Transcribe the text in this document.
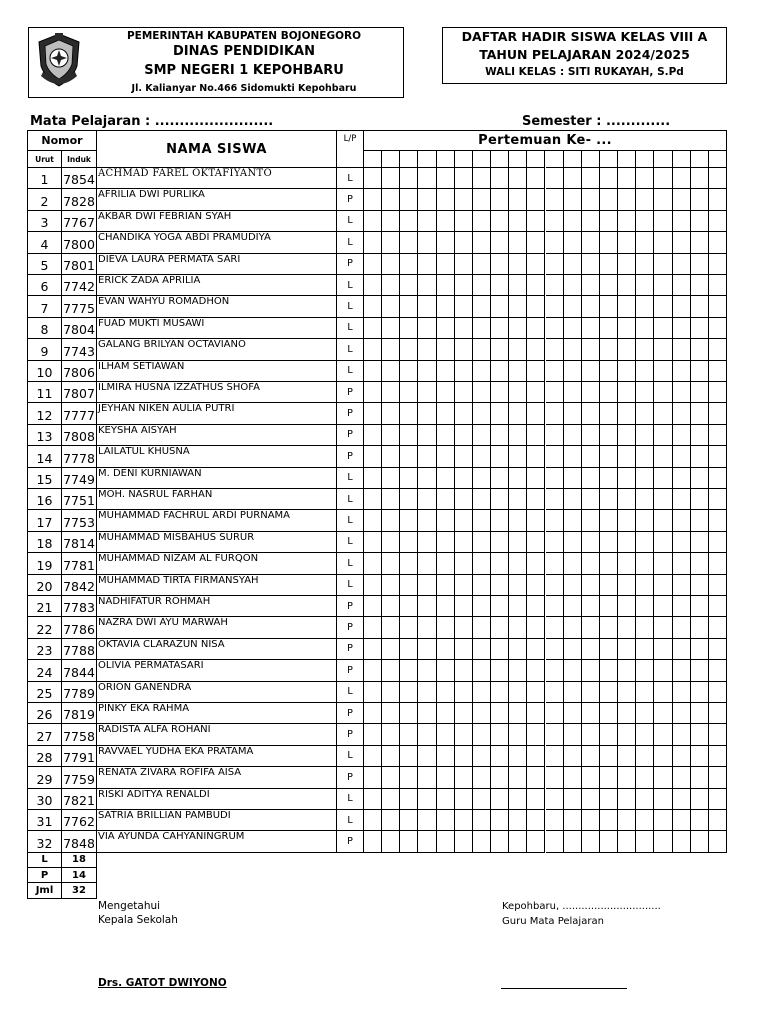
PEMERINTAH KABUPATEN BOJONEGORO
DINAS PENDIDIKAN
SMP NEGERI 1 KEPOHBARU
Jl. Kalianyar No.466 Sidomukti Kepohbaru
DAFTAR HADIR SISWA KELAS VIII A
TAHUN PELAJARAN 2024/2025
WALI KELAS : SITI RUKAYAH, S.Pd
Mata Pelajaran : ........................	Semester : .............
Nomor
Urut	Induk
NAMA SISWA
L/P	Pertemuan Ke- ...
1	7854 ACHMAD FAREL OKTAFIYANTO	L
2	7828 AFRILIA DWI PURLIKA	P
3	7767 AKBAR DWI FEBRIAN SYAH	L
4	7800 CHANDIKA YOGA ABDI PRAMUDIYA	L
5	7801 DIEVA LAURA PERMATA SARI	P
6	7742 ERICK ZADA APRILIA	L
7	7775 EVAN WAHYU ROMADHON	L
8	7804 FUAD MUKTI MUSAWI	L
9	7743 GALANG BRILYAN OCTAVIANO	L
10 7806 ILHAM SETIAWAN	L
11 7807 ILMIRA HUSNA IZZATHUS SHOFA	P
12 7777 JEYHAN NIKEN AULIA PUTRI	P
13 7808 KEYSHA AISYAH	P
14 7778 LAILATUL KHUSNA	P
15 7749 M. DENI KURNIAWAN	L
16 7751 MOH. NASRUL FARHAN	L
17 7753 MUHAMMAD FACHRUL ARDI PURNAMA	L
18 7814 MUHAMMAD MISBAHUS SURUR	L
19 7781 MUHAMMAD NIZAM AL FURQON	L
20 7842 MUHAMMAD TIRTA FIRMANSYAH	L
21 7783 NADHIFATUR ROHMAH	P
22 7786 NAZRA DWI AYU MARWAH	P
23 7788 OKTAVIA CLARAZUN NISA	P
24 7844 OLIVIA PERMATASARI	P
25 7789 ORION GANENDRA	L
26 7819 PINKY EKA RAHMA	P
27 7758 RADISTA ALFA ROHANI	P
28 7791 RAVVAEL YUDHA EKA PRATAMA	L
29 7759 RENATA ZIVARA ROFIFA AISA	P
30 7821 RISKI ADITYA RENALDI	L
31 7762 SATRIA BRILLIAN PAMBUDI	L
32 7848 VIA AYUNDA CAHYANINGRUM	P
L	18
P	14
Jml	32
Mengetahui
Kepala Sekolah
Drs. GATOT DWIYONO
Kepohbaru, ...............................
Guru Mata Pelajaran
